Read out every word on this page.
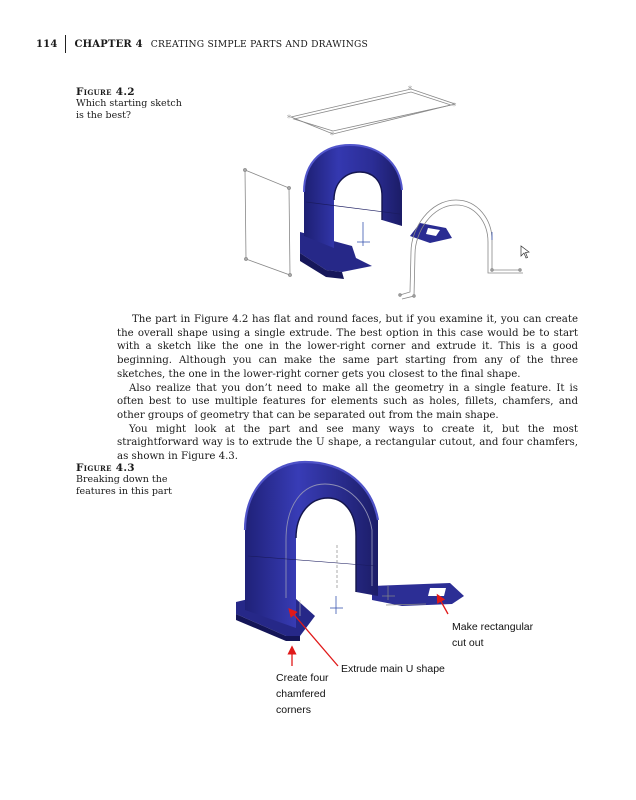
114	CHAPTER 4 CREATING SIMPLE PARTS AND DRAWINGS
Figure 4.2
Which starting sketch is the best?
Figure 4.3
Breaking down the features in this part
*
*
*
*
Make rectangular
cut out
Extrude main U shape
Create four
chamfered
corners

The part in Figure 4.2 has flat and round faces, but if you examine it, you can create the overall shape using a single extrude. The best option in this case would be to start with a sketch like the one in the lower-right corner and extrude it. This is a good beginning. Although you can make the same part starting from any of the three sketches, the one in the lower-right corner gets you closest to the final shape.

Also realize that you don’t need to make all the geometry in a single feature. It is often best to use multiple features for elements such as holes, fillets, chamfers, and other groups of geometry that can be separated out from the main shape.

You might look at the part and see many ways to create it, but the most straightforward way is to extrude the U shape, a rectangular cutout, and four chamfers, as shown in Figure 4.3.
